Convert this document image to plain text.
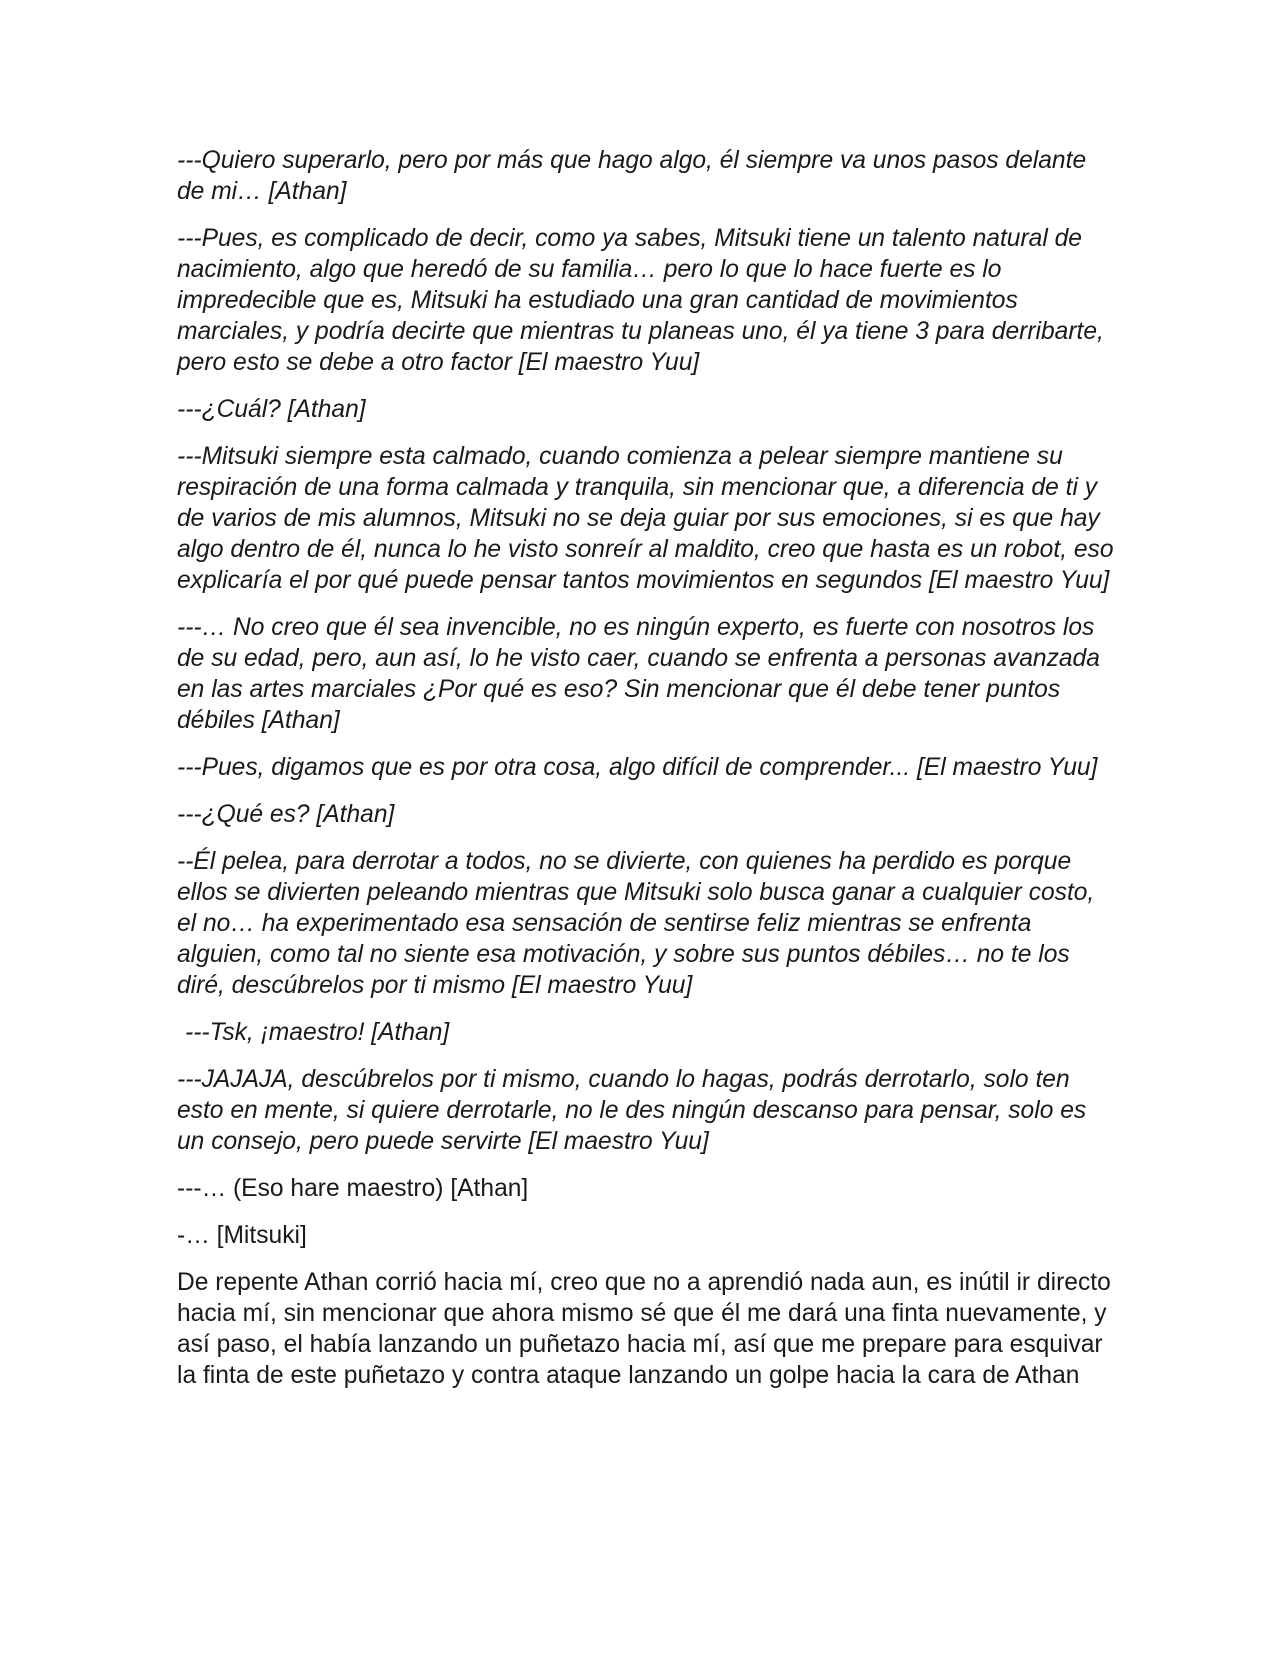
---Quiero superarlo, pero por más que hago algo, él siempre va unos pasos delante de mi… [Athan]

---Pues, es complicado de decir, como ya sabes, Mitsuki tiene un talento natural de nacimiento, algo que heredó de su familia… pero lo que lo hace fuerte es lo impredecible que es, Mitsuki ha estudiado una gran cantidad de movimientos marciales, y podría decirte que mientras tu planeas uno, él ya tiene 3 para derribarte, pero esto se debe a otro factor [El maestro Yuu]

---¿Cuál? [Athan]

---Mitsuki siempre esta calmado, cuando comienza a pelear siempre mantiene su respiración de una forma calmada y tranquila, sin mencionar que, a diferencia de ti y de varios de mis alumnos, Mitsuki no se deja guiar por sus emociones, si es que hay algo dentro de él, nunca lo he visto sonreír al maldito, creo que hasta es un robot, eso explicaría el por qué puede pensar tantos movimientos en segundos [El maestro Yuu]

---… No creo que él sea invencible, no es ningún experto, es fuerte con nosotros los de su edad, pero, aun así, lo he visto caer, cuando se enfrenta a personas avanzada en las artes marciales ¿Por qué es eso? Sin mencionar que él debe tener puntos débiles [Athan]

---Pues, digamos que es por otra cosa, algo difícil de comprender... [El maestro Yuu]

---¿Qué es? [Athan]

--Él pelea, para derrotar a todos, no se divierte, con quienes ha perdido es porque ellos se divierten peleando mientras que Mitsuki solo busca ganar a cualquier costo, el no… ha experimentado esa sensación de sentirse feliz mientras se enfrenta alguien, como tal no siente esa motivación, y sobre sus puntos débiles… no te los diré, descúbrelos por ti mismo [El maestro Yuu]

---Tsk, ¡maestro! [Athan]

---JAJAJA, descúbrelos por ti mismo, cuando lo hagas, podrás derrotarlo, solo ten esto en mente, si quiere derrotarle, no le des ningún descanso para pensar, solo es un consejo, pero puede servirte [El maestro Yuu]

---… (Eso hare maestro) [Athan]

-… [Mitsuki]

De repente Athan corrió hacia mí, creo que no a aprendió nada aun, es inútil ir directo hacia mí, sin mencionar que ahora mismo sé que él me dará una finta nuevamente, y así paso, el había lanzando un puñetazo hacia mí, así que me prepare para esquivar la finta de este puñetazo y contra ataque lanzando un golpe hacia la cara de Athan
